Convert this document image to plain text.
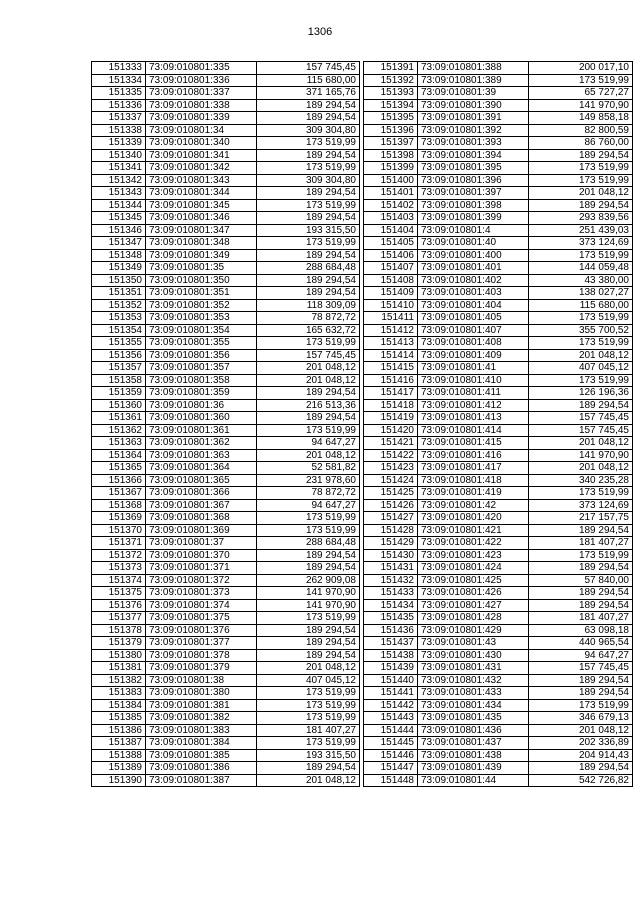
1306
151333	73:09:010801:335	157 745,45
151334	73:09:010801:336	115 680,00
151335	73:09:010801:337	371 165,76
151336	73:09:010801:338	189 294,54
151337	73:09:010801:339	189 294,54
151338	73:09:010801:34	309 304,80
151339	73:09:010801:340	173 519,99
151340	73:09:010801:341	189 294,54
151341	73:09:010801:342	173 519,99
151342	73:09:010801:343	309 304,80
151343	73:09:010801:344	189 294,54
151344	73:09:010801:345	173 519,99
151345	73:09:010801:346	189 294,54
151346	73:09:010801:347	193 315,50
151347	73:09:010801:348	173 519,99
151348	73:09:010801:349	189 294,54
151349	73:09:010801:35	288 684,48
151350	73:09:010801:350	189 294,54
151351	73:09:010801:351	189 294,54
151352	73:09:010801:352	118 309,09
151353	73:09:010801:353	78 872,72
151354	73:09:010801:354	165 632,72
151355	73:09:010801:355	173 519,99
151356	73:09:010801:356	157 745,45
151357	73:09:010801:357	201 048,12
151358	73:09:010801:358	201 048,12
151359	73:09:010801:359	189 294,54
151360	73:09:010801:36	216 513,36
151361	73:09:010801:360	189 294,54
151362	73:09:010801:361	173 519,99
151363	73:09:010801:362	94 647,27
151364	73:09:010801:363	201 048,12
151365	73:09:010801:364	52 581,82
151366	73:09:010801:365	231 978,60
151367	73:09:010801:366	78 872,72
151368	73:09:010801:367	94 647,27
151369	73:09:010801:368	173 519,99
151370	73:09:010801:369	173 519,99
151371	73:09:010801:37	288 684,48
151372	73:09:010801:370	189 294,54
151373	73:09:010801:371	189 294,54
151374	73:09:010801:372	262 909,08
151375	73:09:010801:373	141 970,90
151376	73:09:010801:374	141 970,90
151377	73:09:010801:375	173 519,99
151378	73:09:010801:376	189 294,54
151379	73:09:010801:377	189 294,54
151380	73:09:010801:378	189 294,54
151381	73:09:010801:379	201 048,12
151382	73:09:010801:38	407 045,12
151383	73:09:010801:380	173 519,99
151384	73:09:010801:381	173 519,99
151385	73:09:010801:382	173 519,99
151386	73:09:010801:383	181 407,27
151387	73:09:010801:384	173 519,99
151388	73:09:010801:385	193 315,50
151389	73:09:010801:386	189 294,54
151390	73:09:010801:387	201 048,12
151391	73:09:010801:388	200 017,10
151392	73:09:010801:389	173 519,99
151393	73:09:010801:39	65 727,27
151394	73:09:010801:390	141 970,90
151395	73:09:010801:391	149 858,18
151396	73:09:010801:392	82 800,59
151397	73:09:010801:393	86 760,00
151398	73:09:010801:394	189 294,54
151399	73:09:010801:395	173 519,99
151400	73:09:010801:396	173 519,99
151401	73:09:010801:397	201 048,12
151402	73:09:010801:398	189 294,54
151403	73:09:010801:399	293 839,56
151404	73:09:010801:4	251 439,03
151405	73:09:010801:40	373 124,69
151406	73:09:010801:400	173 519,99
151407	73:09:010801:401	144 059,48
151408	73:09:010801:402	43 380,00
151409	73:09:010801:403	138 027,27
151410	73:09:010801:404	115 680,00
151411	73:09:010801:405	173 519,99
151412	73:09:010801:407	355 700,52
151413	73:09:010801:408	173 519,99
151414	73:09:010801:409	201 048,12
151415	73:09:010801:41	407 045,12
151416	73:09:010801:410	173 519,99
151417	73:09:010801:411	126 196,36
151418	73:09:010801:412	189 294,54
151419	73:09:010801:413	157 745,45
151420	73:09:010801:414	157 745,45
151421	73:09:010801:415	201 048,12
151422	73:09:010801:416	141 970,90
151423	73:09:010801:417	201 048,12
151424	73:09:010801:418	340 235,28
151425	73:09:010801:419	173 519,99
151426	73:09:010801:42	373 124,69
151427	73:09:010801:420	217 157,75
151428	73:09:010801:421	189 294,54
151429	73:09:010801:422	181 407,27
151430	73:09:010801:423	173 519,99
151431	73:09:010801:424	189 294,54
151432	73:09:010801:425	57 840,00
151433	73:09:010801:426	189 294,54
151434	73:09:010801:427	189 294,54
151435	73:09:010801:428	181 407,27
151436	73:09:010801:429	63 098,18
151437	73:09:010801:43	440 965,54
151438	73:09:010801:430	94 647,27
151439	73:09:010801:431	157 745,45
151440	73:09:010801:432	189 294,54
151441	73:09:010801:433	189 294,54
151442	73:09:010801:434	173 519,99
151443	73:09:010801:435	346 679,13
151444	73:09:010801:436	201 048,12
151445	73:09:010801:437	202 336,89
151446	73:09:010801:438	204 914,43
151447	73:09:010801:439	189 294,54
151448	73:09:010801:44	542 726,82
